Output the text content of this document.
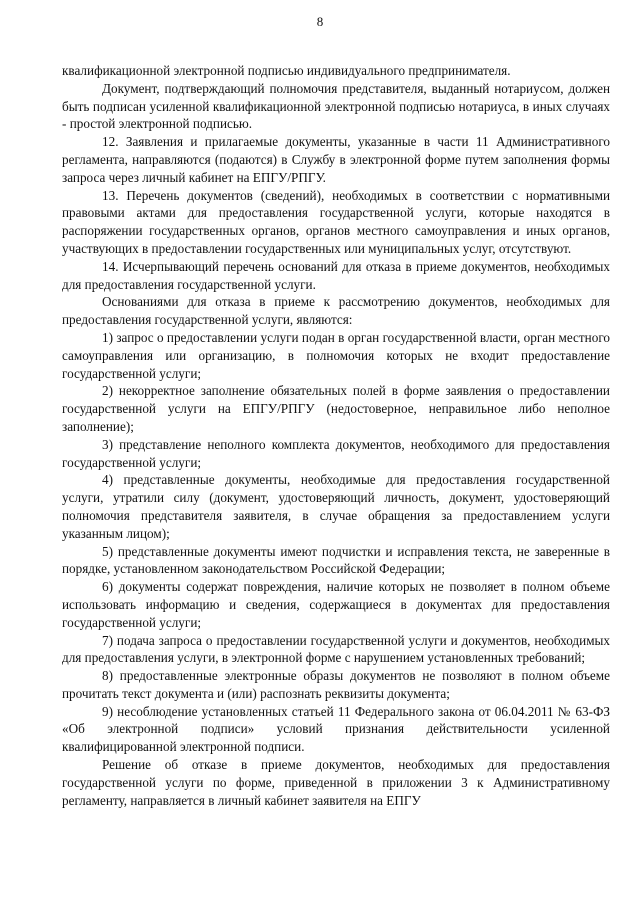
8

квалификационной электронной подписью индивидуального предпринимателя.

Документ, подтверждающий полномочия представителя, выданный нотариусом, должен быть подписан усиленной квалификационной электронной подписью нотариуса, в иных случаях - простой электронной подписью.

12. Заявления и прилагаемые документы, указанные в части 11 Административного регламента, направляются (подаются) в Службу в электронной форме путем заполнения формы запроса через личный кабинет на ЕПГУ/РПГУ.

13. Перечень документов (сведений), необходимых в соответствии с нормативными правовыми актами для предоставления государственной услуги, которые находятся в распоряжении государственных органов, органов местного самоуправления и иных органов, участвующих в предоставлении государственных или муниципальных услуг, отсутствуют.

14. Исчерпывающий перечень оснований для отказа в приеме документов, необходимых для предоставления государственной услуги.

Основаниями для отказа в приеме к рассмотрению документов, необходимых для предоставления государственной услуги, являются:

1) запрос о предоставлении услуги подан в орган государственной власти, орган местного самоуправления или организацию, в полномочия которых не входит предоставление государственной услуги;

2) некорректное заполнение обязательных полей в форме заявления о предоставлении государственной услуги на ЕПГУ/РПГУ (недостоверное, неправильное либо неполное заполнение);

3) представление неполного комплекта документов, необходимого для предоставления государственной услуги;

4) представленные документы, необходимые для предоставления государственной услуги, утратили силу (документ, удостоверяющий личность, документ, удостоверяющий полномочия представителя заявителя, в случае обращения за предоставлением услуги указанным лицом);

5) представленные документы имеют подчистки и исправления текста, не заверенные в порядке, установленном законодательством Российской Федерации;

6) документы содержат повреждения, наличие которых не позволяет в полном объеме использовать информацию и сведения, содержащиеся в документах для предоставления государственной услуги;

7) подача запроса о предоставлении государственной услуги и документов, необходимых для предоставления услуги, в электронной форме с нарушением установленных требований;

8) предоставленные электронные образы документов не позволяют в полном объеме прочитать текст документа и (или) распознать реквизиты документа;

9) несоблюдение установленных статьей 11 Федерального закона от 06.04.2011 № 63-ФЗ «Об электронной подписи» условий признания действительности усиленной квалифицированной электронной подписи.

Решение об отказе в приеме документов, необходимых для предоставления государственной услуги по форме, приведенной в приложении 3 к Административному регламенту, направляется в личный кабинет заявителя на ЕПГУ
